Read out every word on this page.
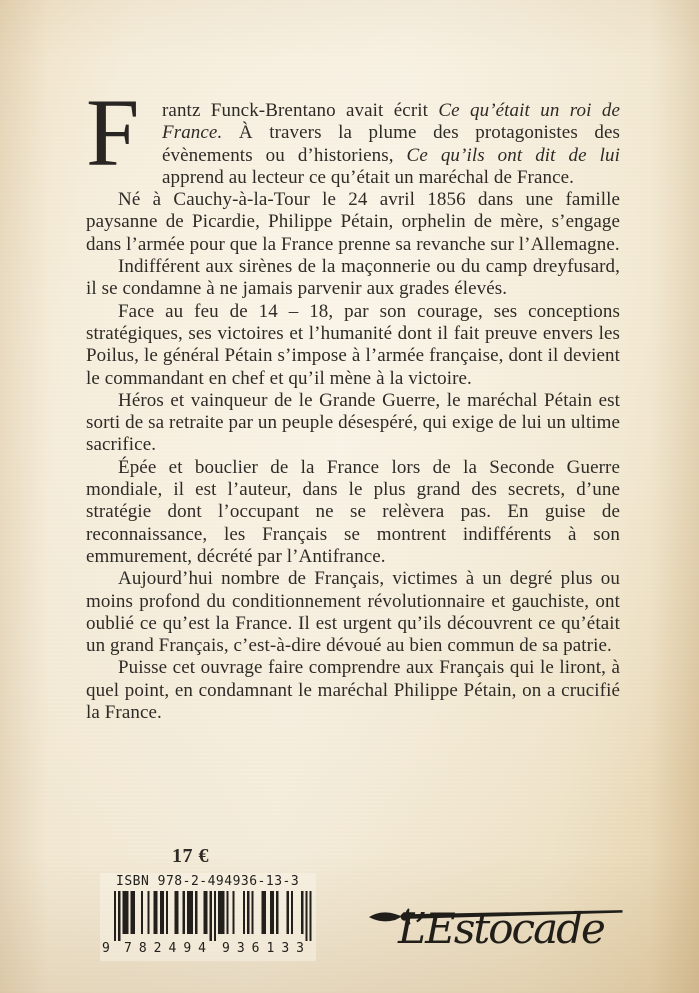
F	rantz Funck-Brentano avait écrit Ce qu’était un roi de France. À travers la plume des protagonistes des évènements ou d’historiens, Ce qu’ils ont dit de lui apprend au lecteur ce qu’était un maréchal de France.

Né à Cauchy-à-la-Tour le 24 avril 1856 dans une famille paysanne de Picardie, Philippe Pétain, orphelin de mère, s’engage dans l’armée pour que la France prenne sa revanche sur l’Allemagne.

Indifférent aux sirènes de la maçonnerie ou du camp dreyfusard, il se condamne à ne jamais parvenir aux grades élevés.

Face au feu de 14 – 18, par son courage, ses conceptions stratégiques, ses victoires et l’humanité dont il fait preuve envers les Poilus, le général Pétain s’impose à l’armée française, dont il devient le commandant en chef et qu’il mène à la victoire.

Héros et vainqueur de le Grande Guerre, le maréchal Pétain est sorti de sa retraite par un peuple désespéré, qui exige de lui un ultime sacrifice.

Épée et bouclier de la France lors de la Seconde Guerre mondiale, il est l’auteur, dans le plus grand des secrets, d’une stratégie dont l’occupant ne se relèvera pas. En guise de reconnaissance, les Français se montrent indifférents à son emmurement, décrété par l’Antifrance.

Aujourd’hui nombre de Français, victimes à un degré plus ou moins profond du conditionnement révolutionnaire et gauchiste, ont oublié ce qu’est la France. Il est urgent qu’ils découvrent ce qu’était un grand Français, c’est-à-dire dévoué au bien commun de sa patrie.

Puisse cet ouvrage faire comprendre aux Français qui le liront, à quel point, en condamnant le maréchal Philippe Pétain, on a crucifié la France.

17 €
ISBN 978-2-494936-13-3
9 782494 936133 L’Estocade
